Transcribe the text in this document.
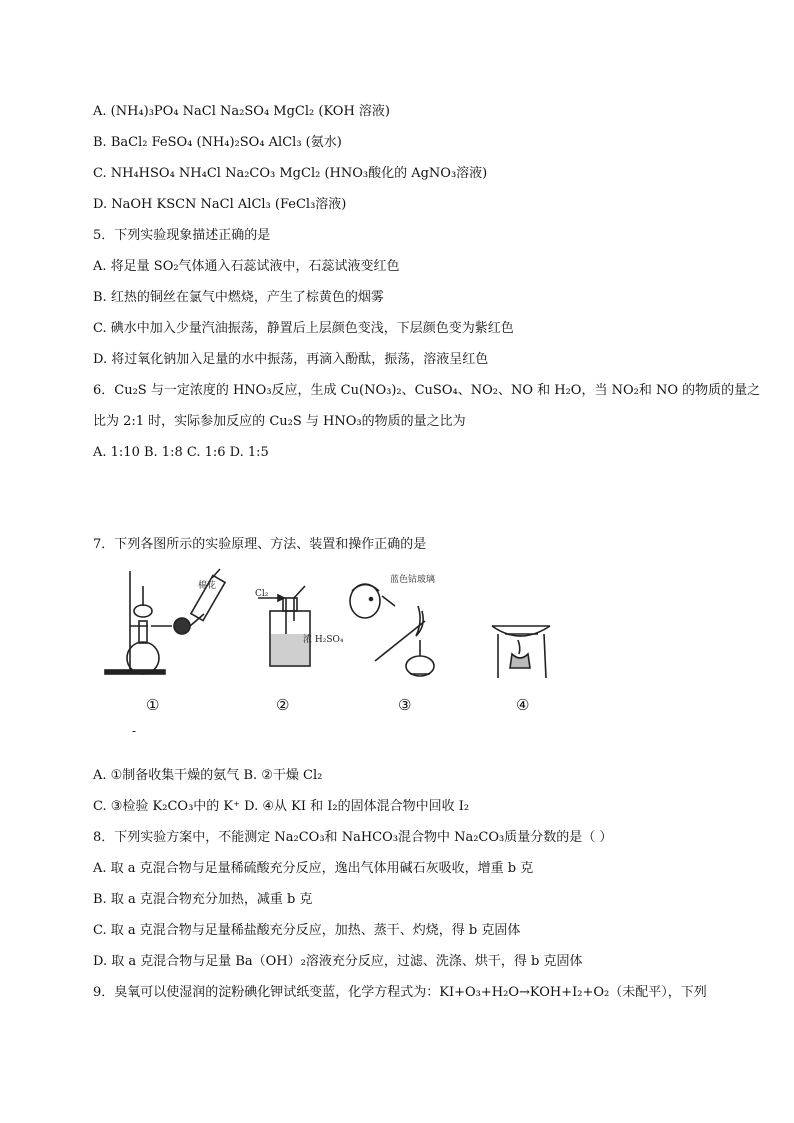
A. (NH₄)₃PO₄ NaCl Na₂SO₄ MgCl₂ (KOH 溶液)
B. BaCl₂ FeSO₄ (NH₄)₂SO₄ AlCl₃ (氨水)
C. NH₄HSO₄ NH₄Cl Na₂CO₃ MgCl₂ (HNO₃酸化的 AgNO₃溶液)
D. NaOH KSCN NaCl AlCl₃ (FeCl₃溶液)
5．下列实验现象描述正确的是
A. 将足量 SO₂气体通入石蕊试液中，石蕊试液变红色
B. 红热的铜丝在氯气中燃烧，产生了棕黄色的烟雾
C. 碘水中加入少量汽油振荡，静置后上层颜色变浅，下层颜色变为紫红色
D. 将过氧化钠加入足量的水中振荡，再滴入酚酞，振荡，溶液呈红色
6．Cu₂S 与一定浓度的 HNO₃反应，生成 Cu(NO₃)₂、CuSO₄、NO₂、NO 和 H₂O，当 NO₂和 NO 的物质的量之
比为 2:1 时，实际参加反应的 Cu₂S 与 HNO₃的物质的量之比为
A. 1:10 B. 1:8 C. 1:6 D. 1:5
7．下列各图所示的实验原理、方法、装置和操作正确的是
A. ①制备收集干燥的氨气 B. ②干燥 Cl₂
C. ③检验 K₂CO₃中的 K⁺ D. ④从 KI 和 I₂的固体混合物中回收 I₂
8．下列实验方案中，不能测定 Na₂CO₃和 NaHCO₃混合物中 Na₂CO₃质量分数的是（ ）
A. 取 a 克混合物与足量稀硫酸充分反应，逸出气体用碱石灰吸收，增重 b 克
B. 取 a 克混合物充分加热，减重 b 克
C. 取 a 克混合物与足量稀盐酸充分反应，加热、蒸干、灼烧，得 b 克固体
D. 取 a 克混合物与足量 Ba（OH）₂溶液充分反应，过滤、洗涤、烘干，得 b 克固体
9．臭氧可以使湿润的淀粉碘化钾试纸变蓝，化学方程式为：KI+O₃+H₂O→KOH+I₂+O₂（未配平），下列
棉花
Cl₂
浓 H₂SO₄
蓝色钴玻璃
①	②	③	④
-
